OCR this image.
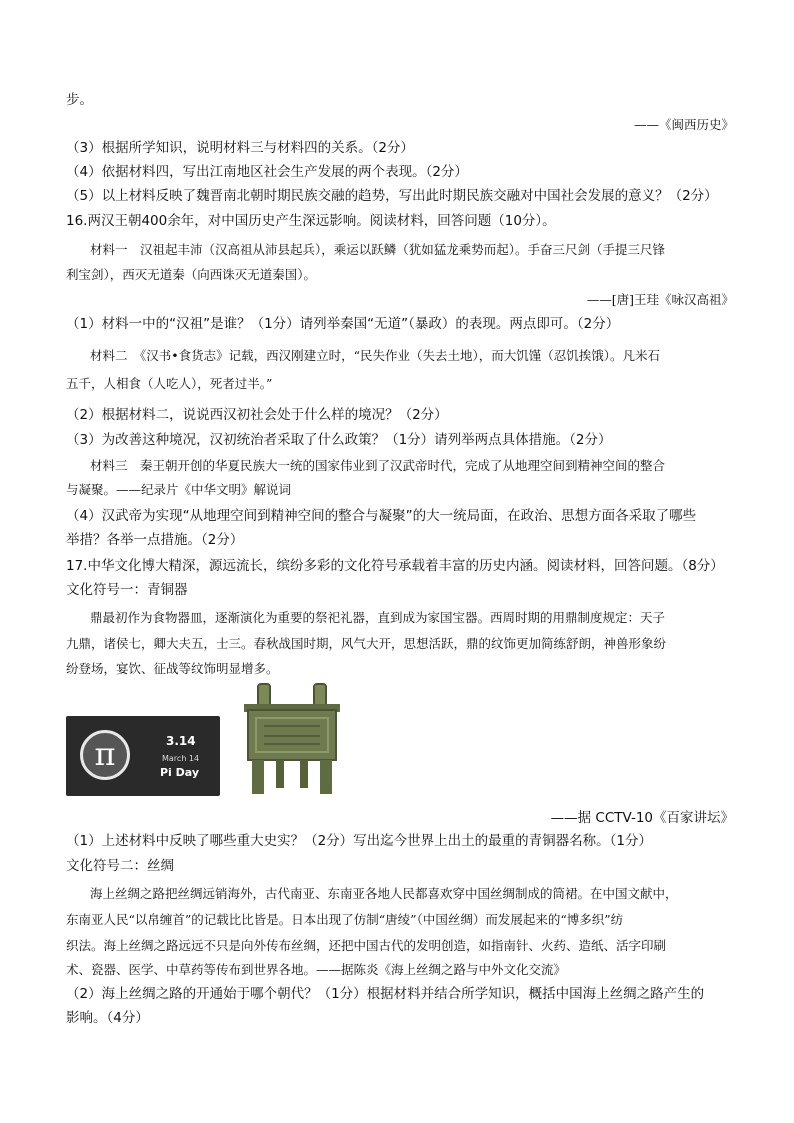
步。
——《闽西历史》
（3）根据所学知识，说明材料三与材料四的关系。（2分）
（4）依据材料四，写出江南地区社会生产发展的两个表现。（2分）
（5）以上材料反映了魏晋南北朝时期民族交融的趋势，写出此时期民族交融对中国社会发展的意义？（2分）
16.两汉王朝400余年，对中国历史产生深远影响。阅读材料，回答问题（10分）。
材料一　汉祖起丰沛（汉高祖从沛县起兵），乘运以跃鳞（犹如猛龙乘势而起）。手奋三尺剑（手提三尺锋
利宝剑），西灭无道秦（向西诛灭无道秦国）。
——[唐]王珪《咏汉高祖》
（1）材料一中的“汉祖”是谁？（1分）请列举秦国“无道”（暴政）的表现。两点即可。（2分）
材料二　《汉书•食货志》记载，西汉刚建立时，“民失作业（失去土地），而大饥馑（忍饥挨饿）。凡米石
五千，人相食（人吃人），死者过半。”
（2）根据材料二，说说西汉初社会处于什么样的境况？（2分）
（3）为改善这种境况，汉初统治者采取了什么政策？（1分）请列举两点具体措施。（2分）
材料三　秦王朝开创的华夏民族大一统的国家伟业到了汉武帝时代，完成了从地理空间到精神空间的整合
与凝聚。——纪录片《中华文明》解说词
（4）汉武帝为实现“从地理空间到精神空间的整合与凝聚”的大一统局面，在政治、思想方面各采取了哪些
举措？各举一点措施。（2分）
17.中华文化博大精深，源远流长，缤纷多彩的文化符号承载着丰富的历史内涵。阅读材料，回答问题。（8分）
文化符号一：青铜器
鼎最初作为食物器皿，逐渐演化为重要的祭祀礼器，直到成为家国宝器。西周时期的用鼎制度规定：天子
九鼎，诸侯七，卿大夫五，士三。春秋战国时期，风气大开，思想活跃，鼎的纹饰更加简练舒朗，神兽形象纷
纷登场，宴饮、征战等纹饰明显增多。
π	3.14
March 14
Pi Day
——据 CCTV-10《百家讲坛》
（1）上述材料中反映了哪些重大史实？（2分）写出迄今世界上出土的最重的青铜器名称。（1分）
文化符号二：丝绸
海上丝绸之路把丝绸远销海外，古代南亚、东南亚各地人民都喜欢穿中国丝绸制成的筒裙。在中国文献中，
东南亚人民“以帛缠首”的记载比比皆是。日本出现了仿制“唐绫”（中国丝绸）而发展起来的“博多织”纺
织法。海上丝绸之路远远不只是向外传布丝绸，还把中国古代的发明创造，如指南针、火药、造纸、活字印刷
术、瓷器、医学、中草药等传布到世界各地。——据陈炎《海上丝绸之路与中外文化交流》
（2）海上丝绸之路的开通始于哪个朝代？（1分）根据材料并结合所学知识，概括中国海上丝绸之路产生的
影响。（4分）
